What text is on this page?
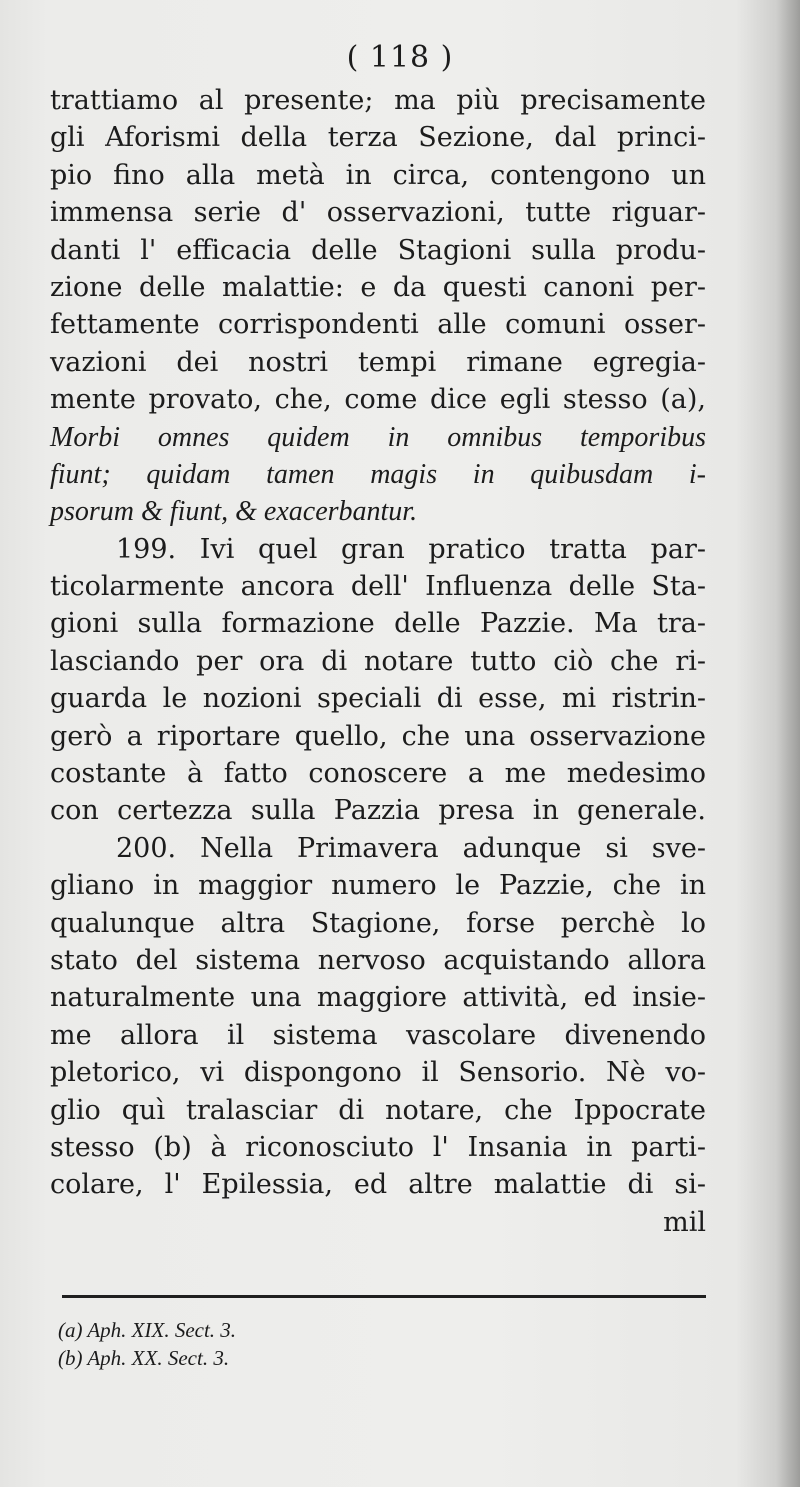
( 118 )
trattiamo al presente; ma più precisamente
gli Aforismi della terza Sezione, dal princi-
pio fino alla metà in circa, contengono un
immensa serie d' osservazioni, tutte riguar-
danti l' efficacia delle Stagioni sulla produ-
zione delle malattie: e da questi canoni per-
fettamente corrispondenti alle comuni osser-
vazioni dei nostri tempi rimane egregia-
mente provato, che, come dice egli stesso (a),
Morbi omnes quidem in omnibus temporibus
fiunt; quidam tamen magis in quibusdam i-
psorum & fiunt, & exacerbantur.
199. Ivi quel gran pratico tratta par-
ticolarmente ancora dell' Influenza delle Sta-
gioni sulla formazione delle Pazzie. Ma tra-
lasciando per ora di notare tutto ciò che ri-
guarda le nozioni speciali di esse, mi ristrin-
gerò a riportare quello, che una osservazione
costante à fatto conoscere a me medesimo
con certezza sulla Pazzia presa in generale.
200. Nella Primavera adunque si sve-
gliano in maggior numero le Pazzie, che in
qualunque altra Stagione, forse perchè lo
stato del sistema nervoso acquistando allora
naturalmente una maggiore attività, ed insie-
me allora il sistema vascolare divenendo
pletorico, vi dispongono il Sensorio. Nè vo-
glio quì tralasciar di notare, che Ippocrate
stesso (b) à riconosciuto l' Insania in parti-
colare, l' Epilessia, ed altre malattie di si-
mil
(a) Aph. XIX. Sect. 3.
(b) Aph. XX. Sect. 3.
